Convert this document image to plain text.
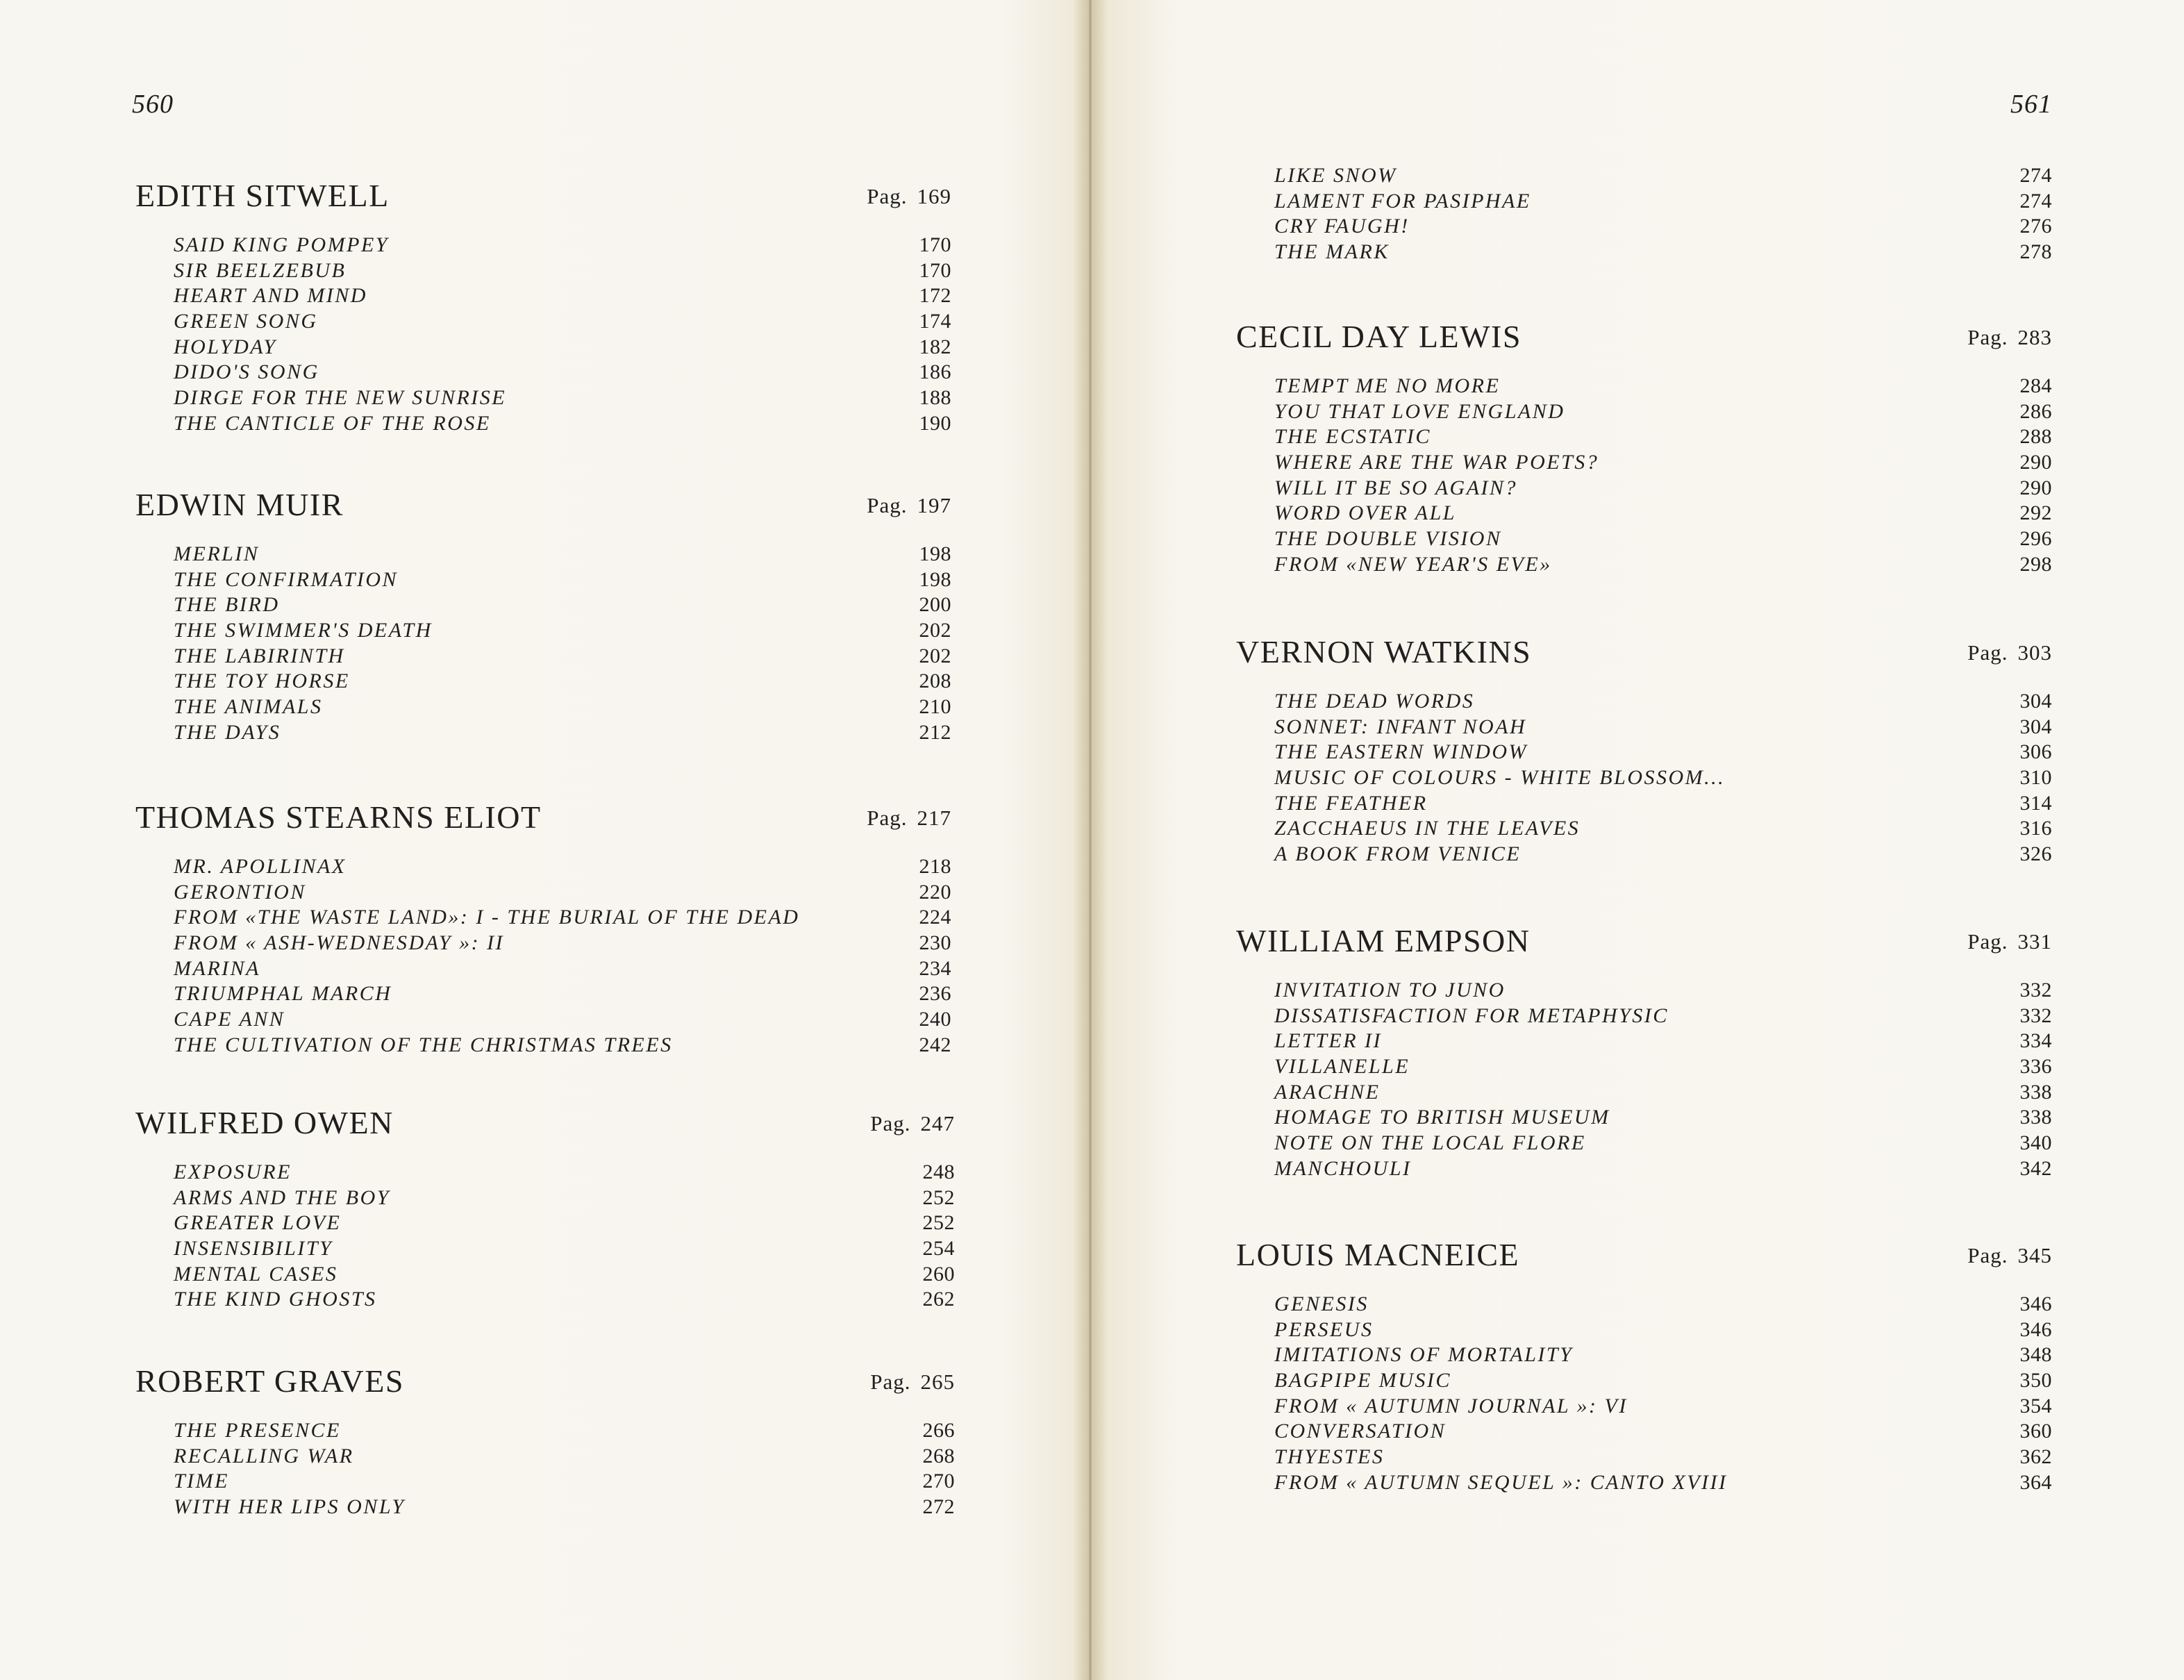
560	561
EDITH SITWELL	Pag. 169
SAID KING POMPEY	170
SIR BEELZEBUB	170
HEART AND MIND	172
GREEN SONG	174
HOLYDAY	182
DIDO'S SONG	186
DIRGE FOR THE NEW SUNRISE	188
THE CANTICLE OF THE ROSE	190
EDWIN MUIR	Pag. 197
MERLIN	198
THE CONFIRMATION	198
THE BIRD	200
THE SWIMMER'S DEATH	202
THE LABIRINTH	202
THE TOY HORSE	208
THE ANIMALS	210
THE DAYS	212
THOMAS STEARNS ELIOT	Pag. 217
MR. APOLLINAX	218
GERONTION	220
FROM «THE WASTE LAND»: I - THE BURIAL OF THE DEAD	224
FROM « ASH-WEDNESDAY »: II	230
MARINA	234
TRIUMPHAL MARCH	236
CAPE ANN	240
THE CULTIVATION OF THE CHRISTMAS TREES	242
WILFRED OWEN	Pag. 247
EXPOSURE	248
ARMS AND THE BOY	252
GREATER LOVE	252
INSENSIBILITY	254
MENTAL CASES	260
THE KIND GHOSTS	262
ROBERT GRAVES	Pag. 265
THE PRESENCE	266
RECALLING WAR	268
TIME	270
WITH HER LIPS ONLY	272
LIKE SNOW	274
LAMENT FOR PASIPHAE	274
CRY FAUGH!	276
THE MARK	278
CECIL DAY LEWIS	Pag. 283
TEMPT ME NO MORE	284
YOU THAT LOVE ENGLAND	286
THE ECSTATIC	288
WHERE ARE THE WAR POETS?	290
WILL IT BE SO AGAIN?	290
WORD OVER ALL	292
THE DOUBLE VISION	296
FROM «NEW YEAR'S EVE»	298
VERNON WATKINS	Pag. 303
THE DEAD WORDS	304
SONNET: INFANT NOAH	304
THE EASTERN WINDOW	306
MUSIC OF COLOURS - WHITE BLOSSOM...	310
THE FEATHER	314
ZACCHAEUS IN THE LEAVES	316
A BOOK FROM VENICE	326
WILLIAM EMPSON	Pag. 331
INVITATION TO JUNO	332
DISSATISFACTION FOR METAPHYSIC	332
LETTER II	334
VILLANELLE	336
ARACHNE	338
HOMAGE TO BRITISH MUSEUM	338
NOTE ON THE LOCAL FLORE	340
MANCHOULI	342
LOUIS MACNEICE	Pag. 345
GENESIS	346
PERSEUS	346
IMITATIONS OF MORTALITY	348
BAGPIPE MUSIC	350
FROM « AUTUMN JOURNAL »: VI	354
CONVERSATION	360
THYESTES	362
FROM « AUTUMN SEQUEL »: CANTO XVIII	364
